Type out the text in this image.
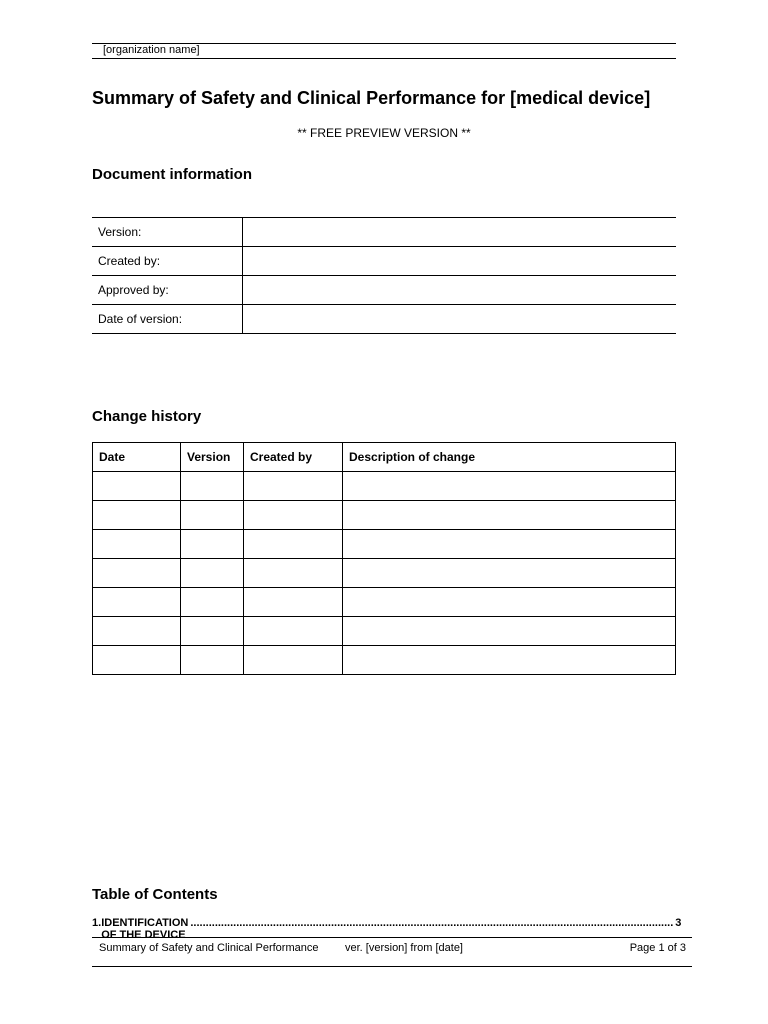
[organization name]
Summary of Safety and Clinical Performance for [medical device]
** FREE PREVIEW VERSION **
Document information
Version:	
Created by:	
Approved by:	
Date of version:	
Change history
Date	Version	Created by	Description of change

Table of Contents
1. IDENTIFICATION OF THE DEVICE
.............................................................................................................................................................. 3
Summary of Safety and Clinical Performance ver. [version] from [date]	Page 1 of 3
